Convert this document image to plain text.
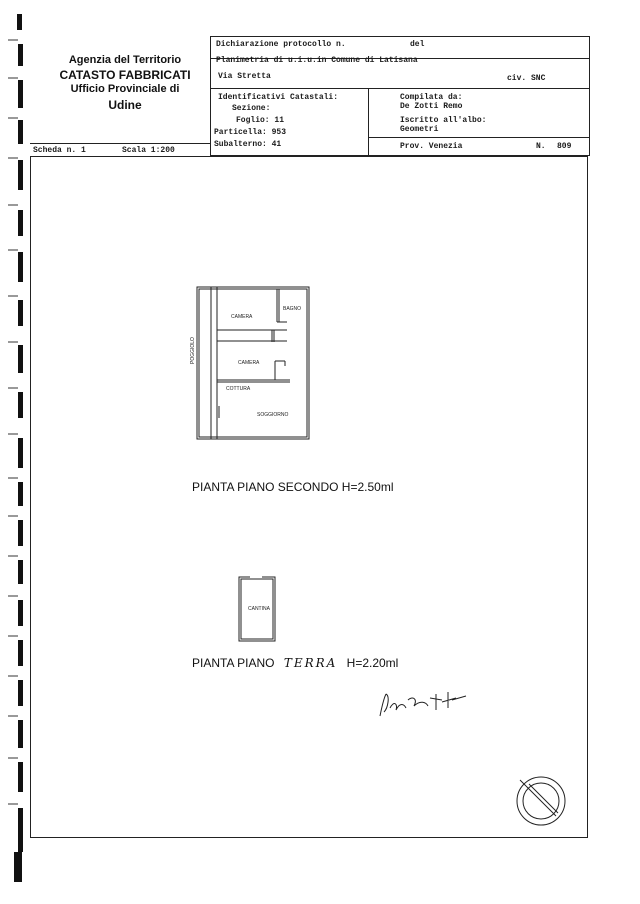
Agenzia del Territorio
CATASTO FABBRICATI
Ufficio Provinciale di
Udine
Dichiarazione protocollo n.	del
Planimetria di u.i.u.in Comune di Latisana
Via Stretta	civ. SNC
Identificativi Catastali:
Sezione:
Foglio: 11
Particella: 953
Subalterno: 41
Compilata da:
De Zotti Remo
Iscritto all'albo:
Geometri
Prov. Venezia	N. 809
Scheda n. 1	Scala 1:200
CAMERA
BAGNO
POGGIOLO	CAMERA
COTTURA
SOGGIORNO
PIANTA PIANO SECONDO H=2.50ml
CANTINA
PIANTA PIANO TERRA H=2.20ml
